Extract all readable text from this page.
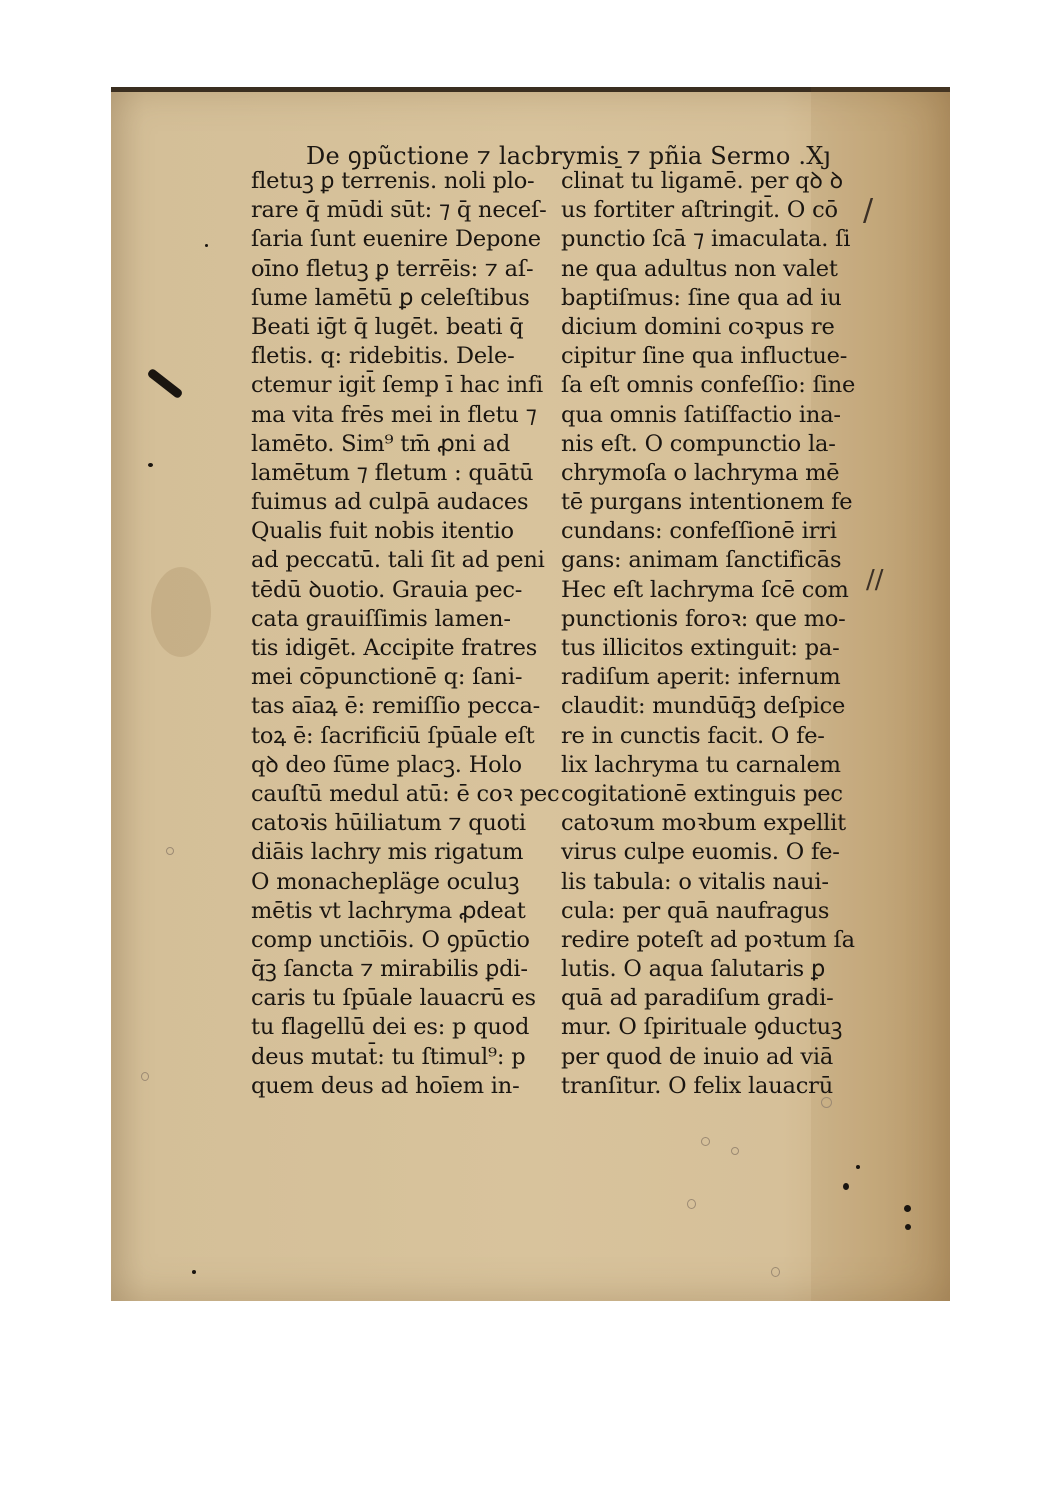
De ꝯpũctione ⁊ lacbrymis ⁊ pñia Sermo .Xȷ
fletuꝫ ꝑ terrenis. noli plo-
rare q̄ mūdi sūt: ⁊ q̄ neceſ-
ſaria ſunt euenire Depone
oīno fletuꝫ ꝑ terrēis: ⁊ aſ-
ſume lamētū ꝑ celeſtibus
Beati iḡt q̄ lugēt. beati q̄
fletis. q: ridebitis. Dele-
ctemur igit̄ ſemp ī hac infi
ma vita frēs mei in fletu ⁊
lamēto. Sim⁹ tm̄ ꝓni ad
lamētum ⁊ fletum : quātū
fuimus ad culpā audaces
Qualis fuit nobis itentio
ad peccatū. tali ſit ad peni
tēdū ꝺuotio. Grauia pec-
cata grauiſſimis lamen-
tis idigēt. Accipite fratres
mei cōpunctionē q: ſani-
tas aīaꝝ ē: remiſſio pecca-
toꝝ ē: ſacrificiū ſpūale eſt
qꝺ deo ſūme placꝫ. Holo
cauſtū medul atū: ē coꝛ pec
catoꝛis hūiliatum ⁊ quoti
diāis lachry mis rigatum
O monachepläge oculuꝫ
mētis vt lachryma ꝓdeat
comp unctiōis. O ꝯpūctio
q̄ꝫ ſancta ⁊ mirabilis ꝑdi-
caris tu ſpūale lauacrū es
tu flagellū dei es: p quod
deus mutat̄: tu ſtimul⁹: p
quem deus ad hoīem in-
clinat̄ tu ligamē. per qꝺ ꝺ
us fortiter aſtringit̄. O cō
punctio ſcā ⁊ imaculata. ſi
ne qua adultus non valet
baptiſmus: ſine qua ad iu
dicium domini coꝛpus re
cipitur ſine qua influctue-
ſa eſt omnis confeſſio: ſine
qua omnis ſatiſfactio ina-
nis eſt. O compunctio la-
chrymoſa o lachryma mē
tē purgans intentionem fe
cundans: confeſſionē irri
gans: animam ſanctificās
Hec eſt lachryma ſcē com
punctionis foroꝛ: que mo-
tus illicitos extinguit: pa-
radiſum aperit: infernum
claudit: mundūq̄ꝫ deſpice
re in cunctis facit. O fe-
lix lachryma tu carnalem
cogitationē extinguis pec
catoꝛum moꝛbum expellit
virus culpe euomis. O fe-
lis tabula: o vitalis naui-
cula: per quā naufragus
redire poteſt ad poꝛtum ſa
lutis. O aqua ſalutaris ꝑ
quā ad paradiſum gradi-
mur. O ſpirituale ꝯductuꝫ
per quod de inuio ad viā
tranſitur. O felix lauacrū
/
//
